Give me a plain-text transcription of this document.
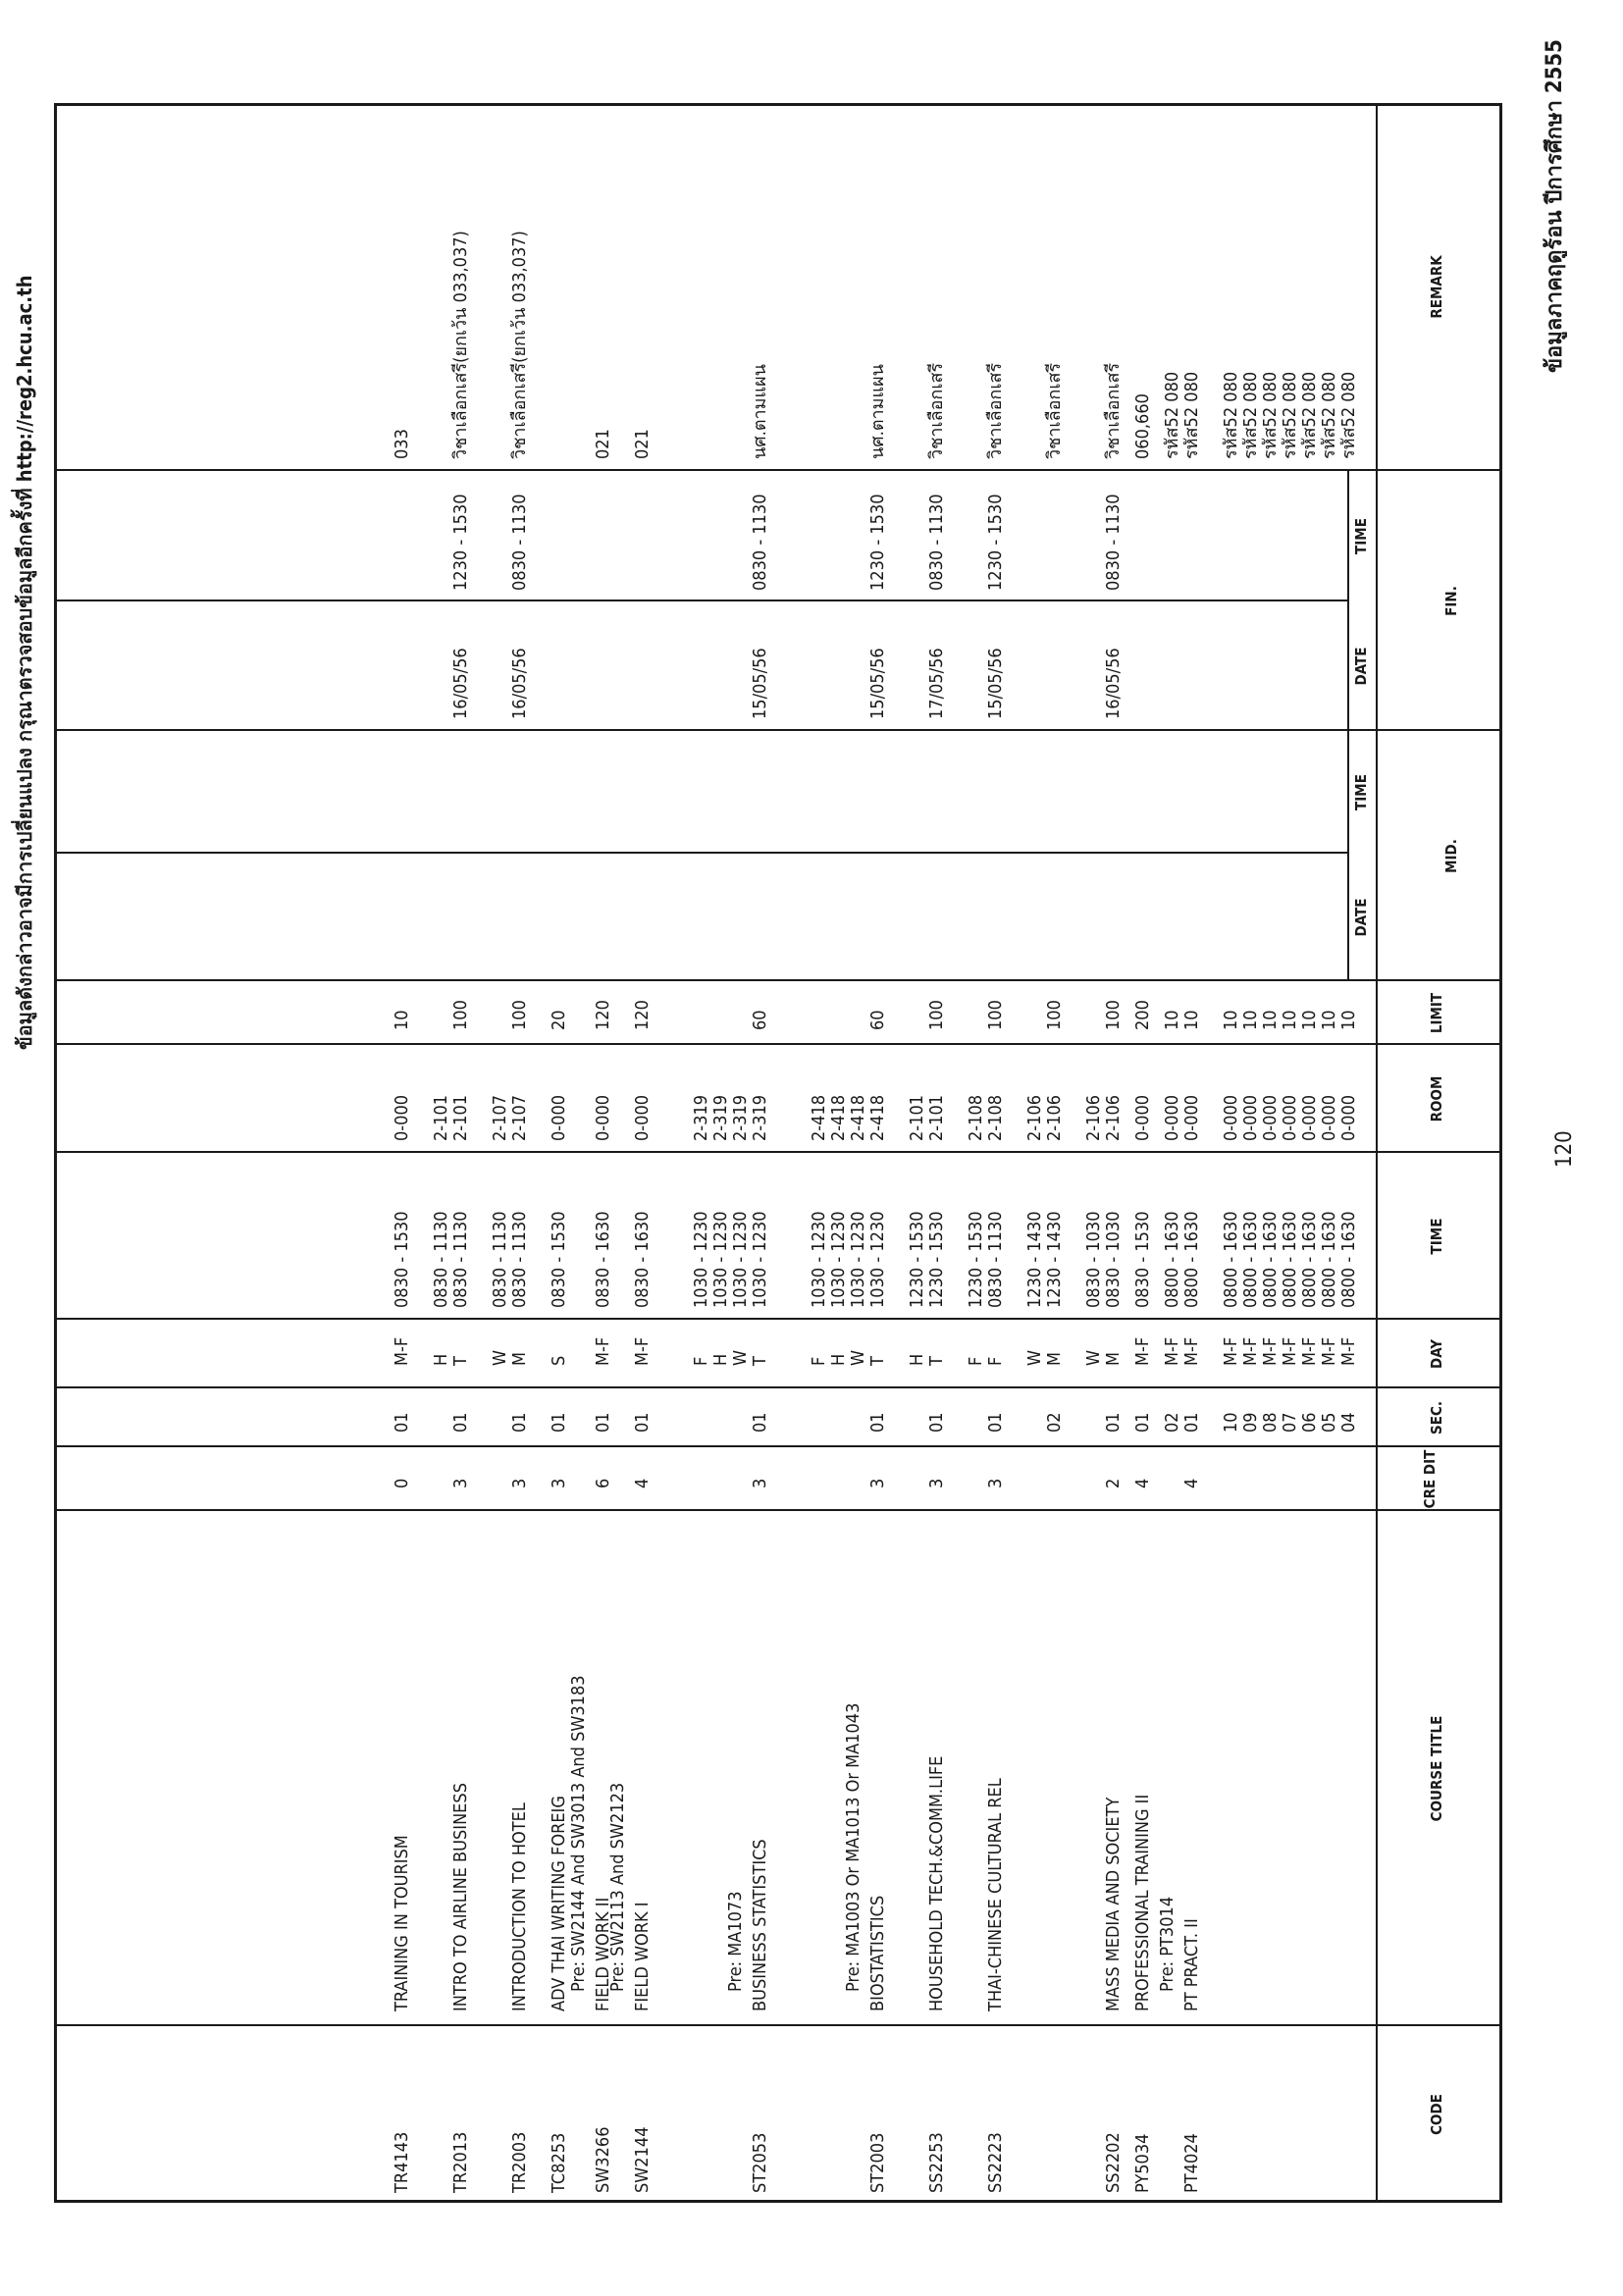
120
ข้อมูลภาคฤดูร้อน ปีการศึกษา 2555
ข้อมูลดังกล่าวอาจมีการเปลี่ยนแปลง กรุณาตรวจสอบข้อมูลอีกครั้งที่ http://reg2.hcu.ac.th
CODE
COURSE TITLE
CRE DIT
SEC.
DAY
TIME
ROOM
LIMIT
MID.
DATE
TIME
FIN.
DATE
TIME
REMARK
04
M-F
0800 - 1630
0-000
10
รหัส52 080
05
M-F
0800 - 1630
0-000
10
รหัส52 080
06
M-F
0800 - 1630
0-000
10
รหัส52 080
07
M-F
0800 - 1630
0-000
10
รหัส52 080
08
M-F
0800 - 1630
0-000
10
รหัส52 080
09
M-F
0800 - 1630
0-000
10
รหัส52 080
10
M-F
0800 - 1630
0-000
10
รหัส52 080
PT4024
PT PRACT. II
4
01
M-F
0800 - 1630
0-000
10
รหัส52 080
Pre: PT3014
02
M-F
0800 - 1630
0-000
10
รหัส52 080
PY5034
PROFESSIONAL TRAINING II
4
01
M-F
0830 - 1530
0-000
200
060,660
SS2202
MASS MEDIA AND SOCIETY
2
01
M
0830 - 1030
2-106
100
16/05/56
0830 - 1130
วิชาเลือกเสรี
W
0830 - 1030
2-106
02
M
1230 - 1430
2-106
100
วิชาเลือกเสรี
W
1230 - 1430
2-106
SS2223
THAI-CHINESE CULTURAL REL
3
01
F
0830 - 1130
2-108
100
15/05/56
1230 - 1530
วิชาเลือกเสรี
F
1230 - 1530
2-108
SS2253
HOUSEHOLD TECH.&COMM.LIFE
3
01
T
1230 - 1530
2-101
100
17/05/56
0830 - 1130
วิชาเลือกเสรี
H
1230 - 1530
2-101
ST2003
BIOSTATISTICS
3
01
T
1030 - 1230
2-418
60
15/05/56
1230 - 1530
นศ.ตามแผน
Pre: MA1003 Or MA1013 Or MA1043
W
1030 - 1230
2-418
H
1030 - 1230
2-418
F
1030 - 1230
2-418
ST2053
BUSINESS STATISTICS
3
01
T
1030 - 1230
2-319
60
15/05/56
0830 - 1130
นศ.ตามแผน
Pre: MA1073
W
1030 - 1230
2-319
H
1030 - 1230
2-319
F
1030 - 1230
2-319
SW2144
FIELD WORK I
4
01
M-F
0830 - 1630
0-000
120
021
Pre: SW2113 And SW2123
SW3266
FIELD WORK II
6
01
M-F
0830 - 1630
0-000
120
021
Pre: SW2144 And SW3013 And SW3183
TC8253
ADV THAI WRITING FOREIG
3
01
S
0830 - 1530
0-000
20
TR2003
INTRODUCTION TO HOTEL
3
01
M
0830 - 1130
2-107
100
16/05/56
0830 - 1130
วิชาเลือกเสรี(ยกเว้น 033,037)
W
0830 - 1130
2-107
TR2013
INTRO TO AIRLINE BUSINESS
3
01
T
0830 - 1130
2-101
100
16/05/56
1230 - 1530
วิชาเลือกเสรี(ยกเว้น 033,037)
H
0830 - 1130
2-101
TR4143
TRAINING IN TOURISM
0
01
M-F
0830 - 1530
0-000
10
033
